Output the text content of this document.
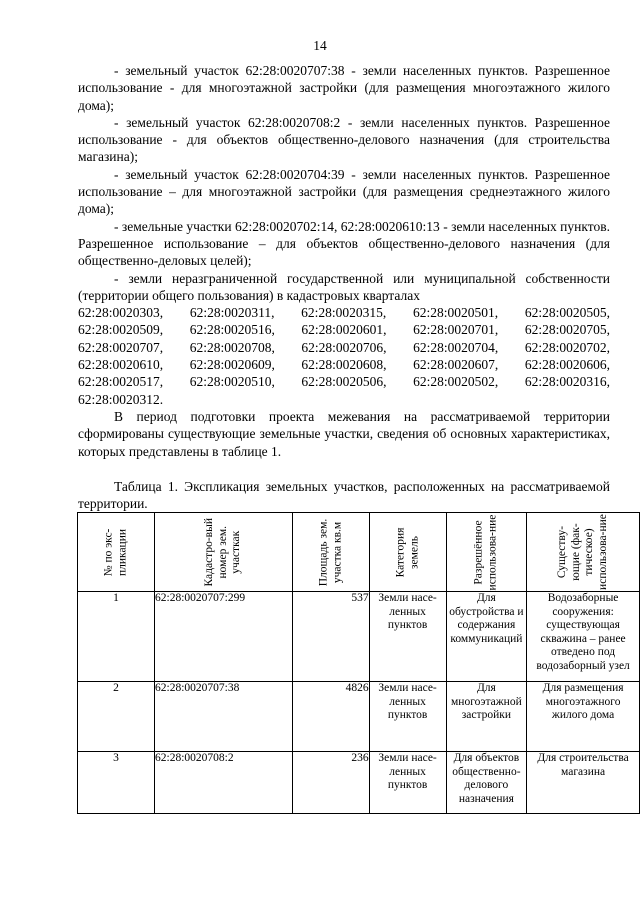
14

- земельный участок 62:28:0020707:38 - земли населенных пунктов. Разрешенное использование - для многоэтажной застройки (для размещения многоэтажного жилого дома);

- земельный участок 62:28:0020708:2 - земли населенных пунктов. Разрешенное использование - для объектов общественно-делового назначения (для строительства магазина);

- земельный участок 62:28:0020704:39 - земли населенных пунктов. Разрешенное использование – для многоэтажной застройки (для размещения среднеэтажного жилого дома);

- земельные участки 62:28:0020702:14, 62:28:0020610:13 - земли населенных пунктов. Разрешенное использование – для объектов общественно-делового назначения (для общественно-деловых целей);

- земли неразграниченной государственной или муниципальной собственности (территории общего пользования) в кадастровых кварталах

62:28:0020303, 62:28:0020311, 62:28:0020315, 62:28:0020501, 62:28:0020505,
62:28:0020509, 62:28:0020516, 62:28:0020601, 62:28:0020701, 62:28:0020705,
62:28:0020707, 62:28:0020708, 62:28:0020706, 62:28:0020704, 62:28:0020702,
62:28:0020610, 62:28:0020609, 62:28:0020608, 62:28:0020607, 62:28:0020606,
62:28:0020517, 62:28:0020510, 62:28:0020506, 62:28:0020502, 62:28:0020316,
62:28:0020312.

В период подготовки проекта межевания на рассматриваемой территории сформированы существующие земельные участки, сведения об основных характеристиках, которых представлены в таблице 1.

Таблица 1. Экспликация земельных участков, расположенных на рассматриваемой территории.

№ по экс-пликации	Кадастро-вый номер зем. участкак	Площадь зем. участка кв.м	Категория земель	Разрешённое использова-ние	Существу-ющие (фак-тическое) использова-ние

1	62:28:0020707:299	537	Земли насе-ленных пунктов	Для обустройства и содержания коммуникаций	Водозаборные сооружения: существующая скважина – ранее отведено под водозаборный узел
2	62:28:0020707:38	4826	Земли насе-ленных пунктов	Для многоэтажной застройки	Для размещения многоэтажного жилого дома
3	62:28:0020708:2	236	Земли насе-ленных пунктов	Для объектов общественно-делового назначения	Для строительства магазина
